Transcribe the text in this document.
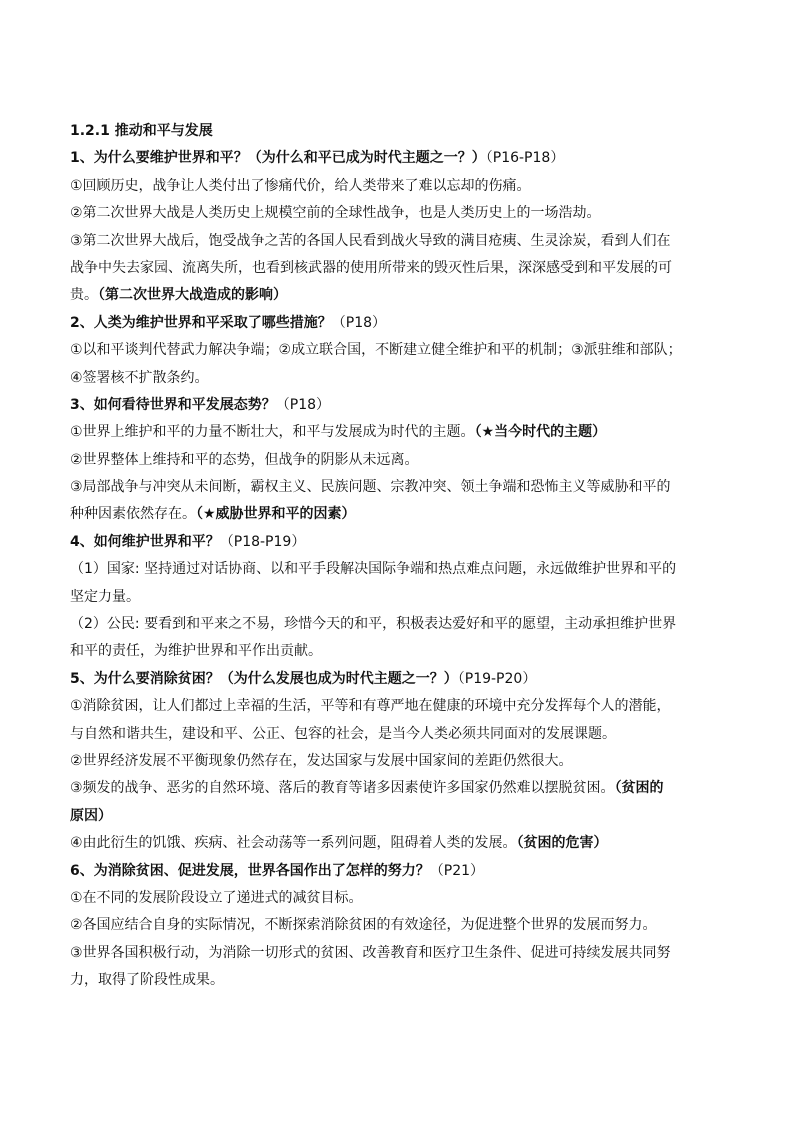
1.2.1 推动和平与发展
1、为什么要维护世界和平？（为什么和平已成为时代主题之一？）（P16-P18）
①回顾历史，战争让人类付出了惨痛代价，给人类带来了难以忘却的伤痛。
②第二次世界大战是人类历史上规模空前的全球性战争，也是人类历史上的一场浩劫。
③第二次世界大战后，饱受战争之苦的各国人民看到战火导致的满目疮痍、生灵涂炭，看到人们在
战争中失去家园、流离失所，也看到核武器的使用所带来的毁灭性后果，深深感受到和平发展的可
贵。（第二次世界大战造成的影响）
2、人类为维护世界和平采取了哪些措施？（P18）
①以和平谈判代替武力解决争端；②成立联合国，不断建立健全维护和平的机制；③派驻维和部队；
④签署核不扩散条约。
3、如何看待世界和平发展态势？（P18）
①世界上维护和平的力量不断壮大，和平与发展成为时代的主题。（★当今时代的主题）
②世界整体上维持和平的态势，但战争的阴影从未远离。
③局部战争与冲突从未间断，霸权主义、民族问题、宗教冲突、领土争端和恐怖主义等威胁和平的
种种因素依然存在。（★威胁世界和平的因素）
4、如何维护世界和平？（P18-P19）
（1）国家: 坚持通过对话协商、以和平手段解决国际争端和热点难点问题，永远做维护世界和平的
坚定力量。
（2）公民: 要看到和平来之不易，珍惜今天的和平，积极表达爱好和平的愿望，主动承担维护世界
和平的责任，为维护世界和平作出贡献。
5、为什么要消除贫困？（为什么发展也成为时代主题之一？）（P19-P20）
①消除贫困，让人们都过上幸福的生活，平等和有尊严地在健康的环境中充分发挥每个人的潜能，
与自然和谐共生，建设和平、公正、包容的社会，是当今人类必须共同面对的发展课题。
②世界经济发展不平衡现象仍然存在，发达国家与发展中国家间的差距仍然很大。
③频发的战争、恶劣的自然环境、落后的教育等诸多因素使许多国家仍然难以摆脱贫困。（贫困的
原因）
④由此衍生的饥饿、疾病、社会动荡等一系列问题，阻碍着人类的发展。（贫困的危害）
6、为消除贫困、促进发展，世界各国作出了怎样的努力？（P21）
①在不同的发展阶段设立了递进式的减贫目标。
②各国应结合自身的实际情况，不断探索消除贫困的有效途径，为促进整个世界的发展而努力。
③世界各国积极行动，为消除一切形式的贫困、改善教育和医疗卫生条件、促进可持续发展共同努
力，取得了阶段性成果。
